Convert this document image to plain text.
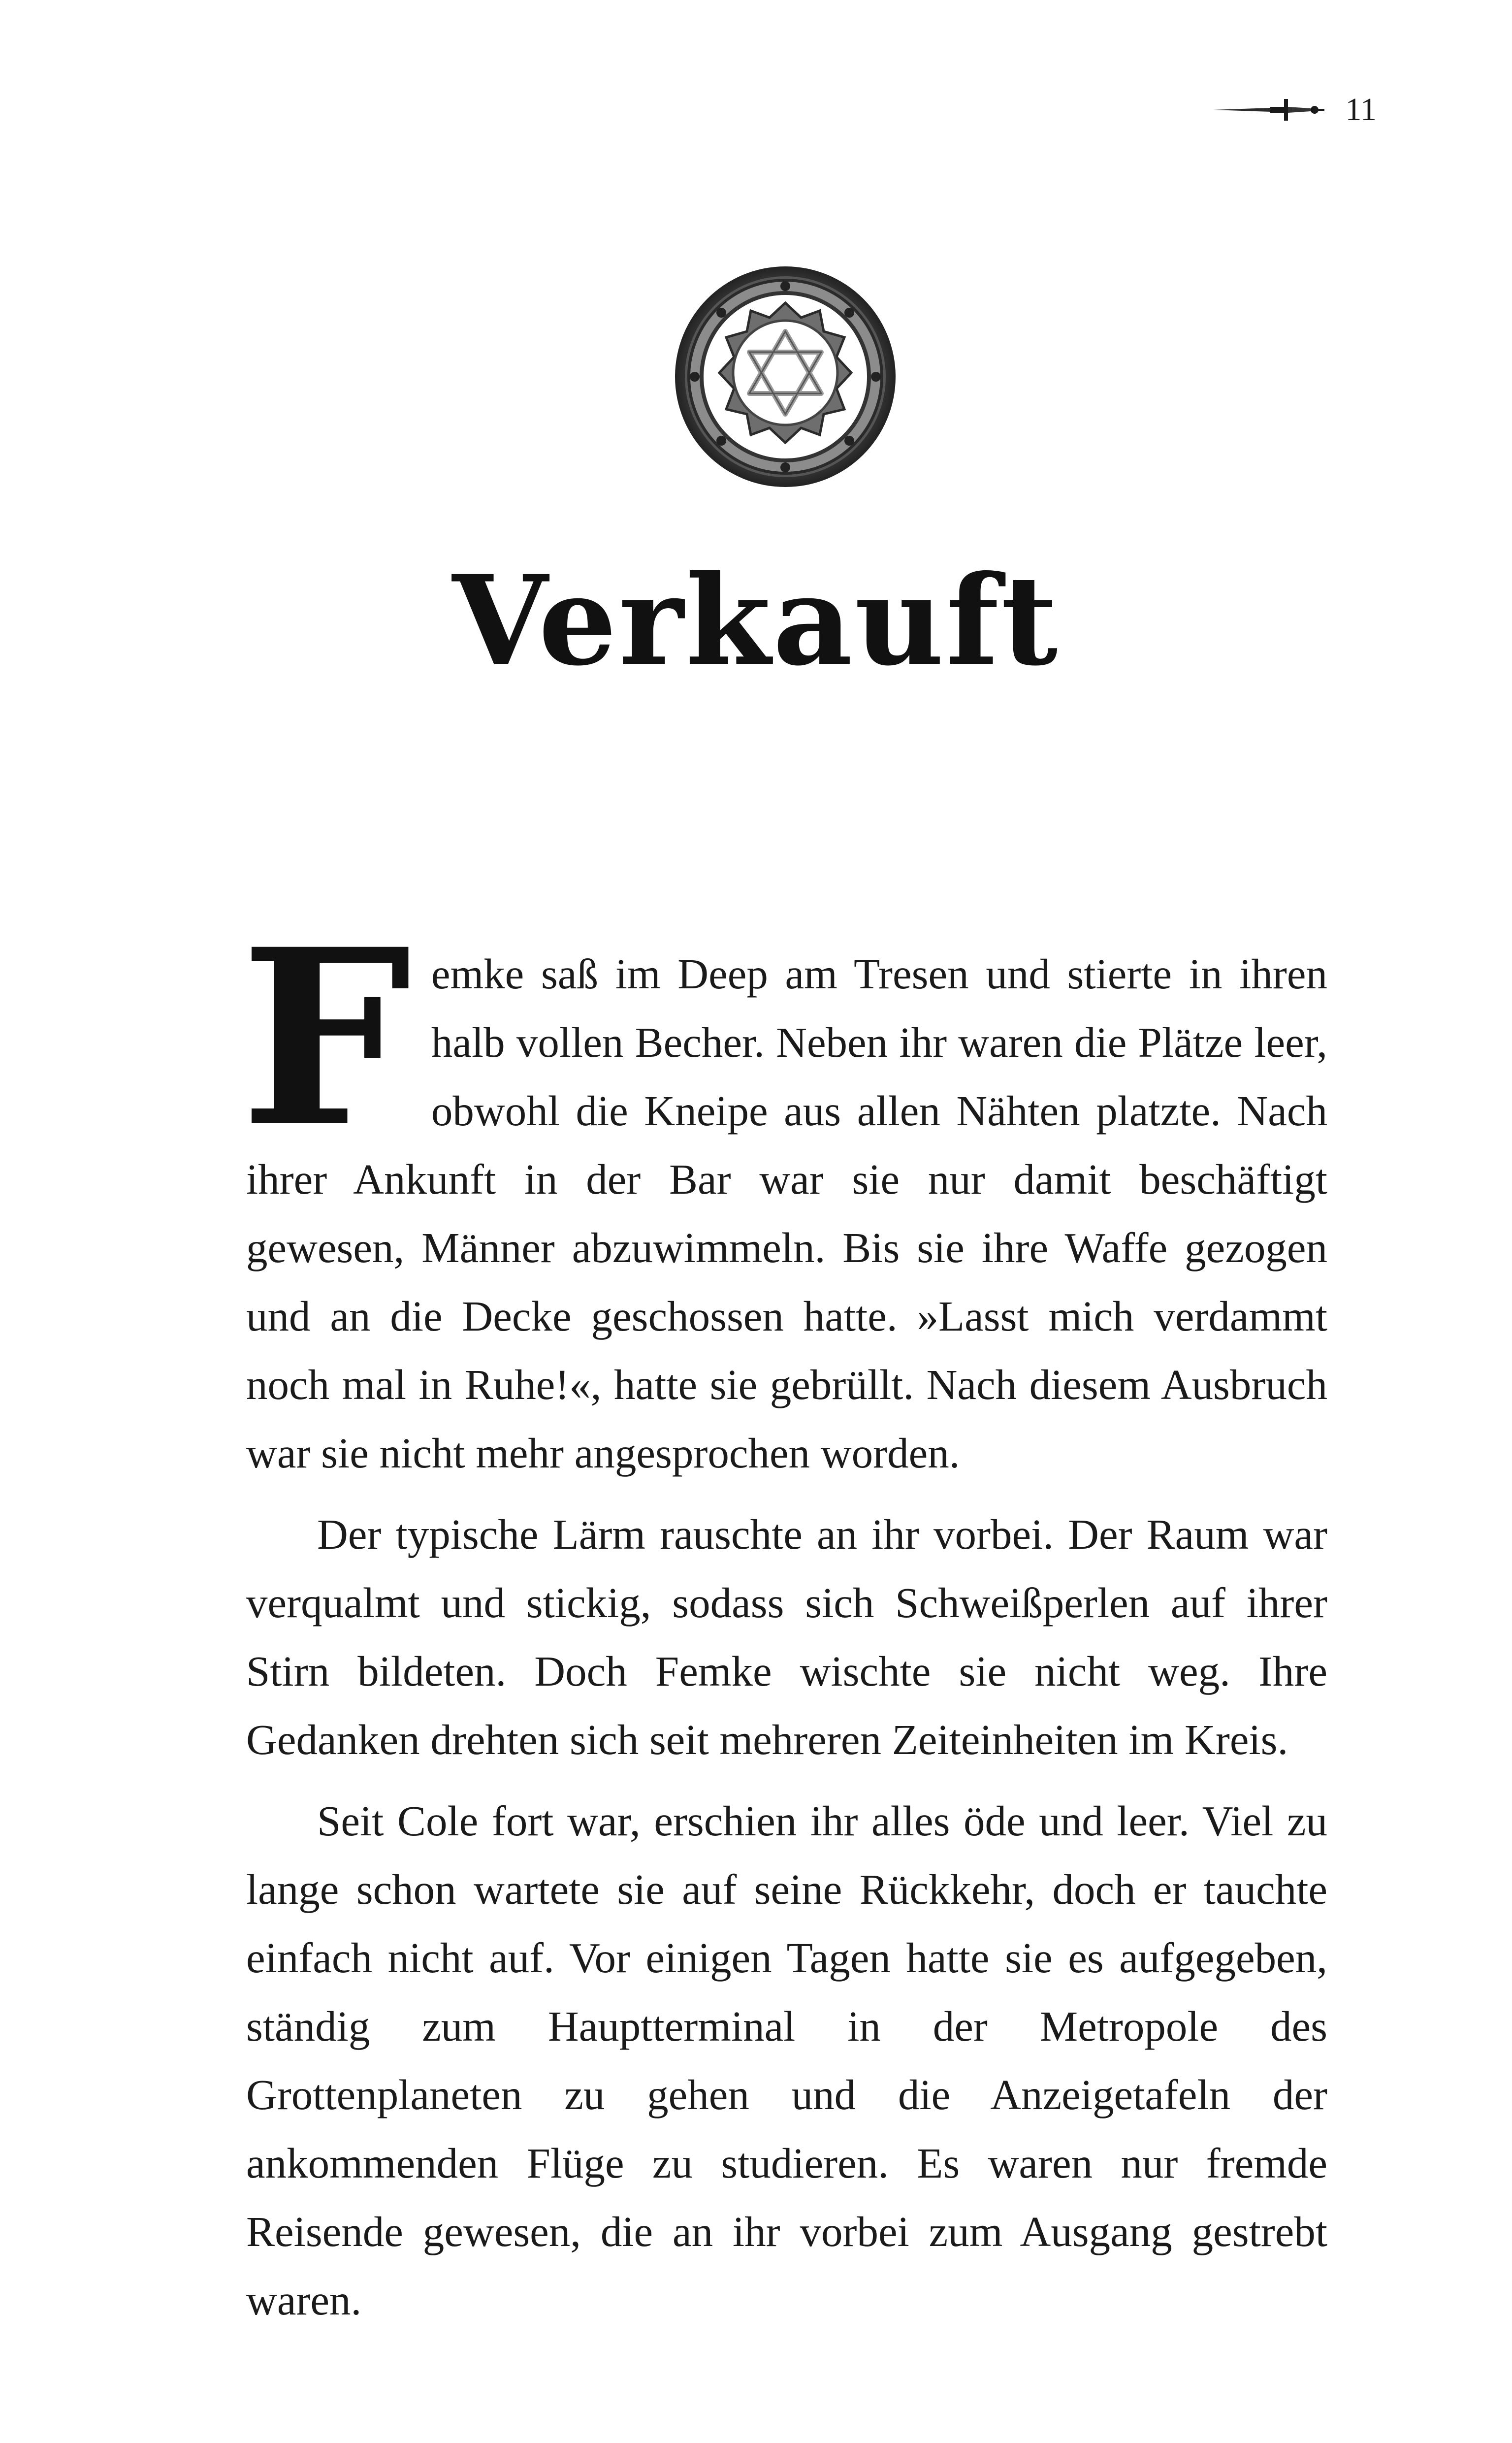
11
Verkauft

Femke saß im Deep am Tresen und stierte in ihren halb vollen Becher. Neben ihr waren die Plätze leer, obwohl die Kneipe aus allen Nähten platzte. Nach ihrer Ankunft in der Bar war sie nur damit beschäftigt gewesen, Männer abzuwimmeln. Bis sie ihre Waffe gezogen und an die Decke geschossen hatte. »Lasst mich verdammt noch mal in Ruhe!«, hatte sie gebrüllt. Nach diesem Ausbruch war sie nicht mehr angesprochen worden.

Der typische Lärm rauschte an ihr vorbei. Der Raum war verqualmt und stickig, sodass sich Schweißperlen auf ihrer Stirn bildeten. Doch Femke wischte sie nicht weg. Ihre Gedanken drehten sich seit mehreren Zeiteinheiten im Kreis.

Seit Cole fort war, erschien ihr alles öde und leer. Viel zu lange schon wartete sie auf seine Rückkehr, doch er tauchte einfach nicht auf. Vor einigen Tagen hatte sie es aufgegeben, ständig zum Hauptterminal in der Metropole des Grottenplaneten zu gehen und die Anzeigetafeln der ankommenden Flüge zu studieren. Es waren nur fremde Reisende gewesen, die an ihr vorbei zum Ausgang gestrebt waren.
